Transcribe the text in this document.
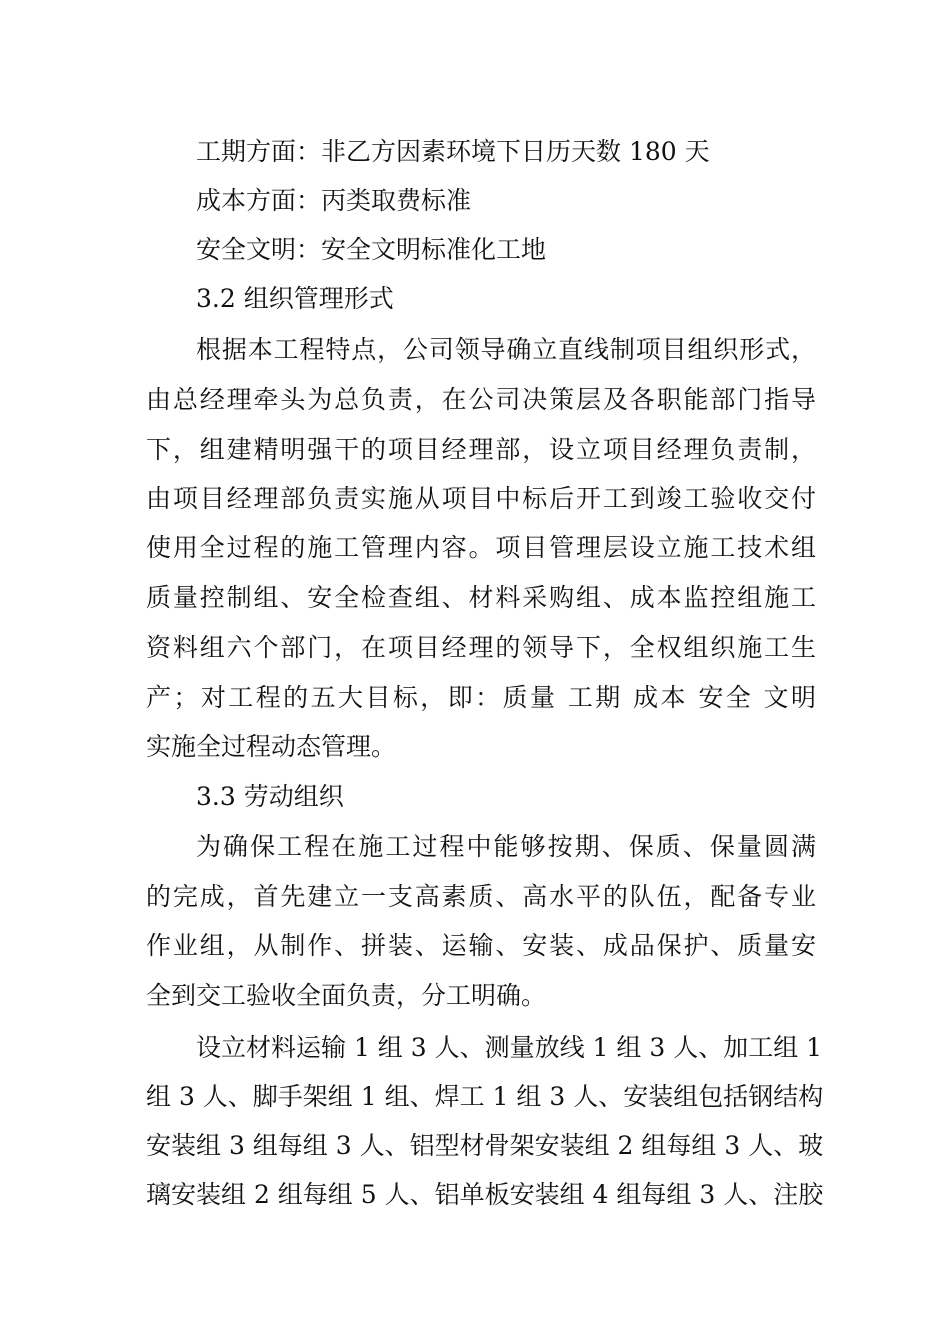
工期方面：非乙方因素环境下日历天数 180 天
成本方面：丙类取费标准
安全文明：安全文明标准化工地
3.2 组织管理形式
根据本工程特点，公司领导确立直线制项目组织形式，
由总经理牵头为总负责，在公司决策层及各职能部门指导
下，组建精明强干的项目经理部，设立项目经理负责制，
由项目经理部负责实施从项目中标后开工到竣工验收交付
使用全过程的施工管理内容。项目管理层设立施工技术组
质量控制组、安全检查组、材料采购组、成本监控组施工
资料组六个部门，在项目经理的领导下，全权组织施工生
产；对工程的五大目标，即：质量 工期 成本 安全 文明
实施全过程动态管理。
3.3 劳动组织
为确保工程在施工过程中能够按期、保质、保量圆满
的完成，首先建立一支高素质、高水平的队伍，配备专业
作业组，从制作、拼装、运输、安装、成品保护、质量安
全到交工验收全面负责，分工明确。
设立材料运输 1 组 3 人、测量放线 1 组 3 人、加工组 1
组 3 人、脚手架组 1 组、焊工 1 组 3 人、安装组包括钢结构
安装组 3 组每组 3 人、铝型材骨架安装组 2 组每组 3 人、玻
璃安装组 2 组每组 5 人、铝单板安装组 4 组每组 3 人、注胶
